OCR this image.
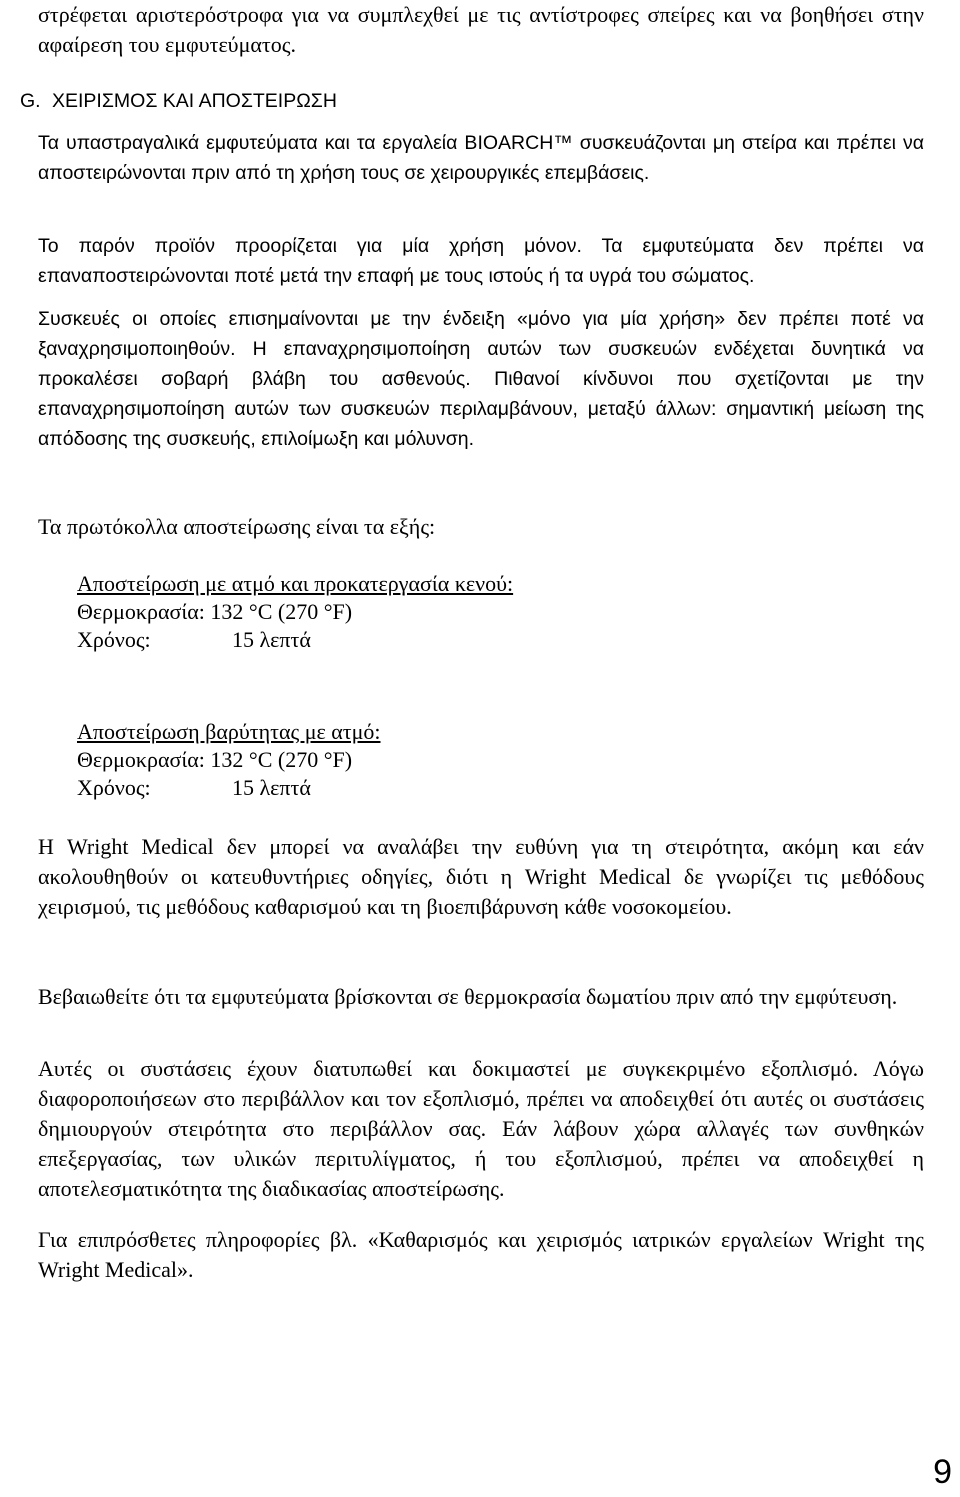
στρέφεται αριστερόστροφα για να συμπλεχθεί με τις αντίστροφες σπείρες και να βοηθήσει στην αφαίρεση του εμφυτεύματος.

G. ΧΕΙΡΙΣΜΟΣ ΚΑΙ ΑΠΟΣΤΕΙΡΩΣΗ

Τα υπαστραγαλικά εμφυτεύματα και τα εργαλεία BIOARCH™ συσκευάζονται μη στείρα και πρέπει να αποστειρώνονται πριν από τη χρήση τους σε χειρουργικές επεμβάσεις.

Το παρόν προϊόν προορίζεται για μία χρήση μόνον. Τα εμφυτεύματα δεν πρέπει να επαναποστειρώνονται ποτέ μετά την επαφή με τους ιστούς ή τα υγρά του σώματος.

Συσκευές οι οποίες επισημαίνονται με την ένδειξη «μόνο για μία χρήση» δεν πρέπει ποτέ να ξαναχρησιμοποιηθούν. Η επαναχρησιμοποίηση αυτών των συσκευών ενδέχεται δυνητικά να προκαλέσει σοβαρή βλάβη του ασθενούς. Πιθανοί κίνδυνοι που σχετίζονται με την επαναχρησιμοποίηση αυτών των συσκευών περιλαμβάνουν, μεταξύ άλλων: σημαντική μείωση της απόδοσης της συσκευής, επιλοίμωξη και μόλυνση.

Τα πρωτόκολλα αποστείρωσης είναι τα εξής:

Αποστείρωση με ατμό και προκατεργασία κενού:
Θερμοκρασία: 132 °C (270 °F)
Χρόνος:	15 λεπτά
Αποστείρωση βαρύτητας με ατμό:
Θερμοκρασία: 132 °C (270 °F)
Χρόνος:	15 λεπτά

Η Wright Medical δεν μπορεί να αναλάβει την ευθύνη για τη στειρότητα, ακόμη και εάν ακολουθηθούν οι κατευθυντήριες οδηγίες, διότι η Wright Medical δε γνωρίζει τις μεθόδους χειρισμού, τις μεθόδους καθαρισμού και τη βιοεπιβάρυνση κάθε νοσοκομείου.

Βεβαιωθείτε ότι τα εμφυτεύματα βρίσκονται σε θερμοκρασία δωματίου πριν από την εμφύτευση.

Αυτές οι συστάσεις έχουν διατυπωθεί και δοκιμαστεί με συγκεκριμένο εξοπλισμό. Λόγω διαφοροποιήσεων στο περιβάλλον και τον εξοπλισμό, πρέπει να αποδειχθεί ότι αυτές οι συστάσεις δημιουργούν στειρότητα στο περιβάλλον σας. Εάν λάβουν χώρα αλλαγές των συνθηκών επεξεργασίας, των υλικών περιτυλίγματος, ή του εξοπλισμού, πρέπει να αποδειχθεί η αποτελεσματικότητα της διαδικασίας αποστείρωσης.

Για επιπρόσθετες πληροφορίες βλ. «Καθαρισμός και χειρισμός ιατρικών εργαλείων Wright της Wright Medical».

9
